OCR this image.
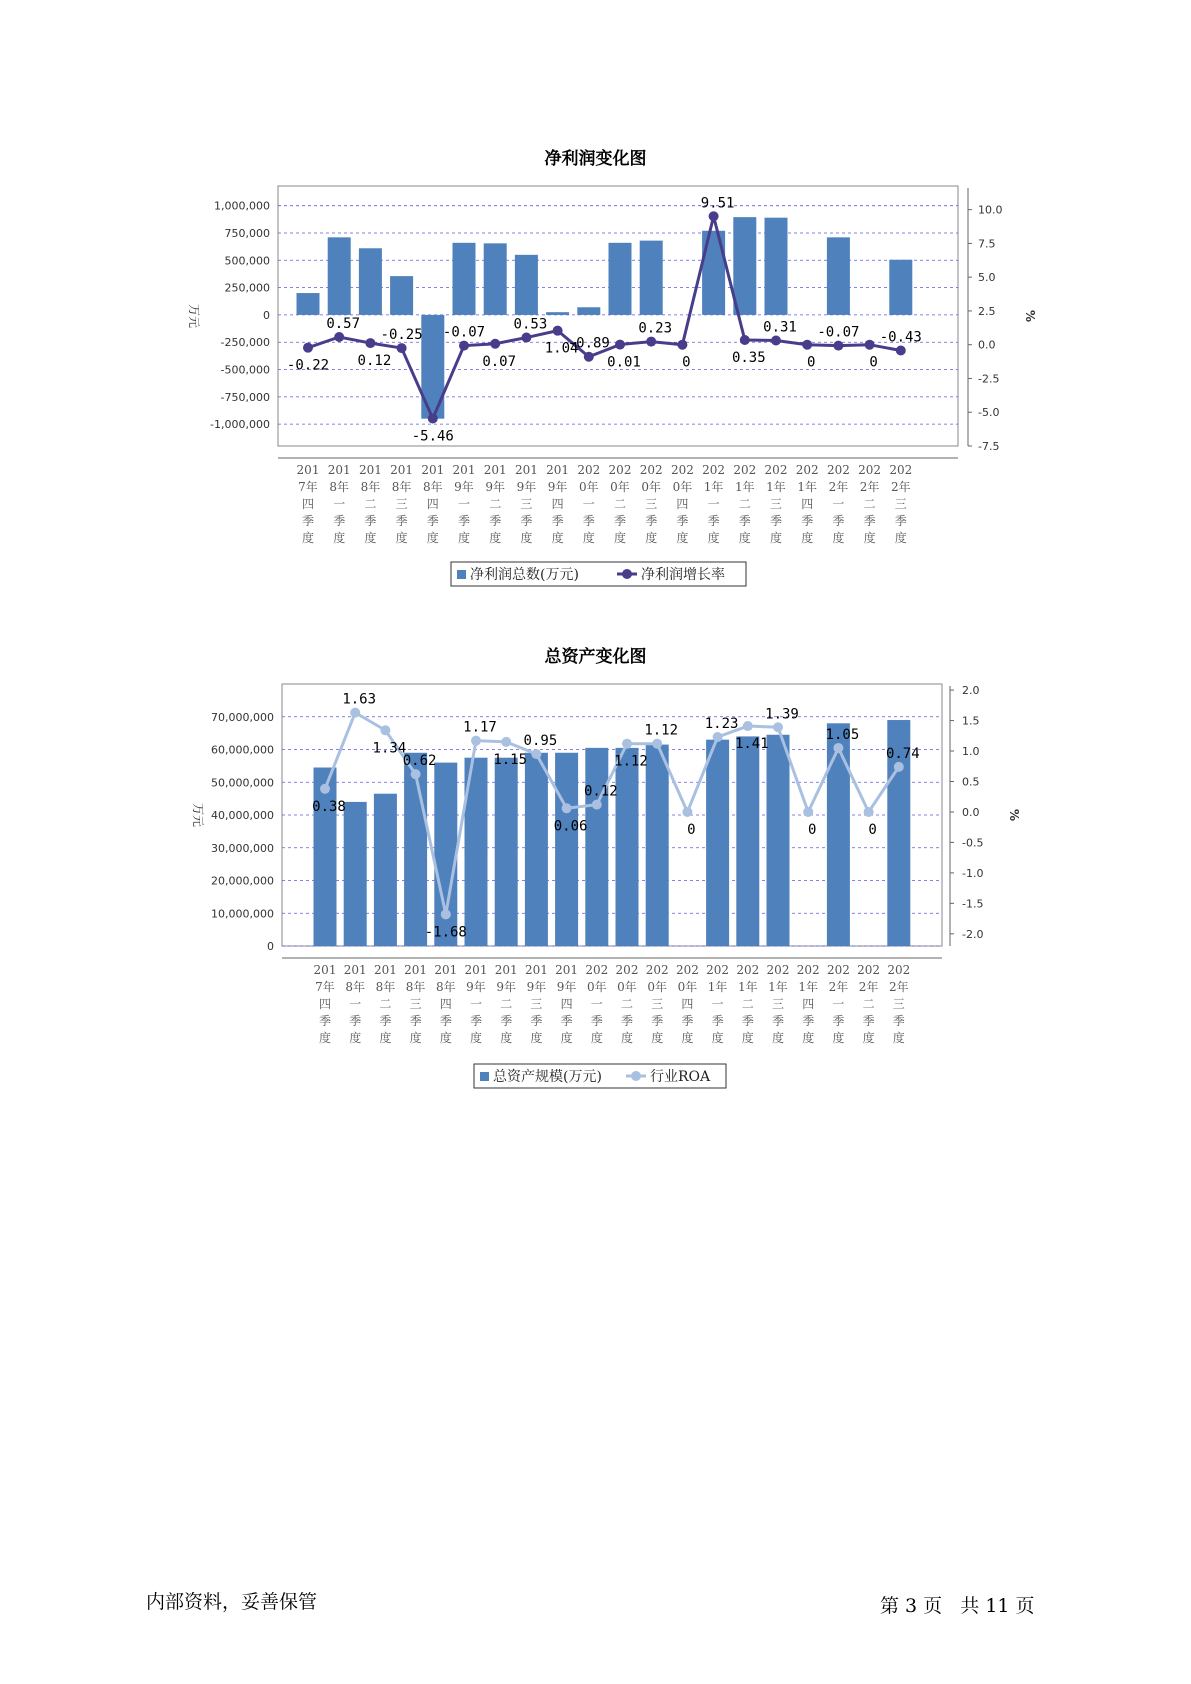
净利润变化图
1,000,000
750,000
500,000
250,000
0
-250,000
-500,000
-750,000
-1,000,000
万元
10.0
7.5
5.0
2.5
0.0
-2.5
-5.0
-7.5
%
-0.22
0.57
0.12
-0.25
-5.46
-0.07
0.07
0.53
1.04
-0.89
0.01
0.23
0
9.51
0.35
0.31
0
-0.07
0
-0.43
201
7年
四
季
度
201
8年
一
季
度
201
8年
二
季
度
201
8年
三
季
度
201
8年
四
季
度
201
9年
一
季
度
201
9年
二
季
度
201
9年
三
季
度
201
9年
四
季
度
202
0年
一
季
度
202
0年
二
季
度
202
0年
三
季
度
202
0年
四
季
度
202
1年
一
季
度
202
1年
二
季
度
202
1年
三
季
度
202
1年
四
季
度
202
2年
一
季
度
202
2年
二
季
度
202
2年
三
季
度
净利润总数(万元)	净利润增长率
总资产变化图
70,000,000
60,000,000
50,000,000
40,000,000
30,000,000
20,000,000
10,000,000
0
万元
2.0
1.5
1.0
0.5
0.0
-0.5
-1.0
-1.5
-2.0
%
0.38
1.63
1.34
0.62
-1.68
1.17
1.15
0.95
0.06
0.12
1.12
1.12
0
1.23
1.41
1.39
0
1.05
0
0.74
201
7年
四
季
度
201
8年
一
季
度
201
8年
二
季
度
201
8年
三
季
度
201
8年
四
季
度
201
9年
一
季
度
201
9年
二
季
度
201
9年
三
季
度
201
9年
四
季
度
202
0年
一
季
度
202
0年
二
季
度
202
0年
三
季
度
202
0年
四
季
度
202
1年
一
季
度
202
1年
二
季
度
202
1年
三
季
度
202
1年
四
季
度
202
2年
一
季
度
202
2年
二
季
度
202
2年
三
季
度
总资产规模(万元)	行业ROA
内部资料，妥善保管	第 3 页   共 11 页
